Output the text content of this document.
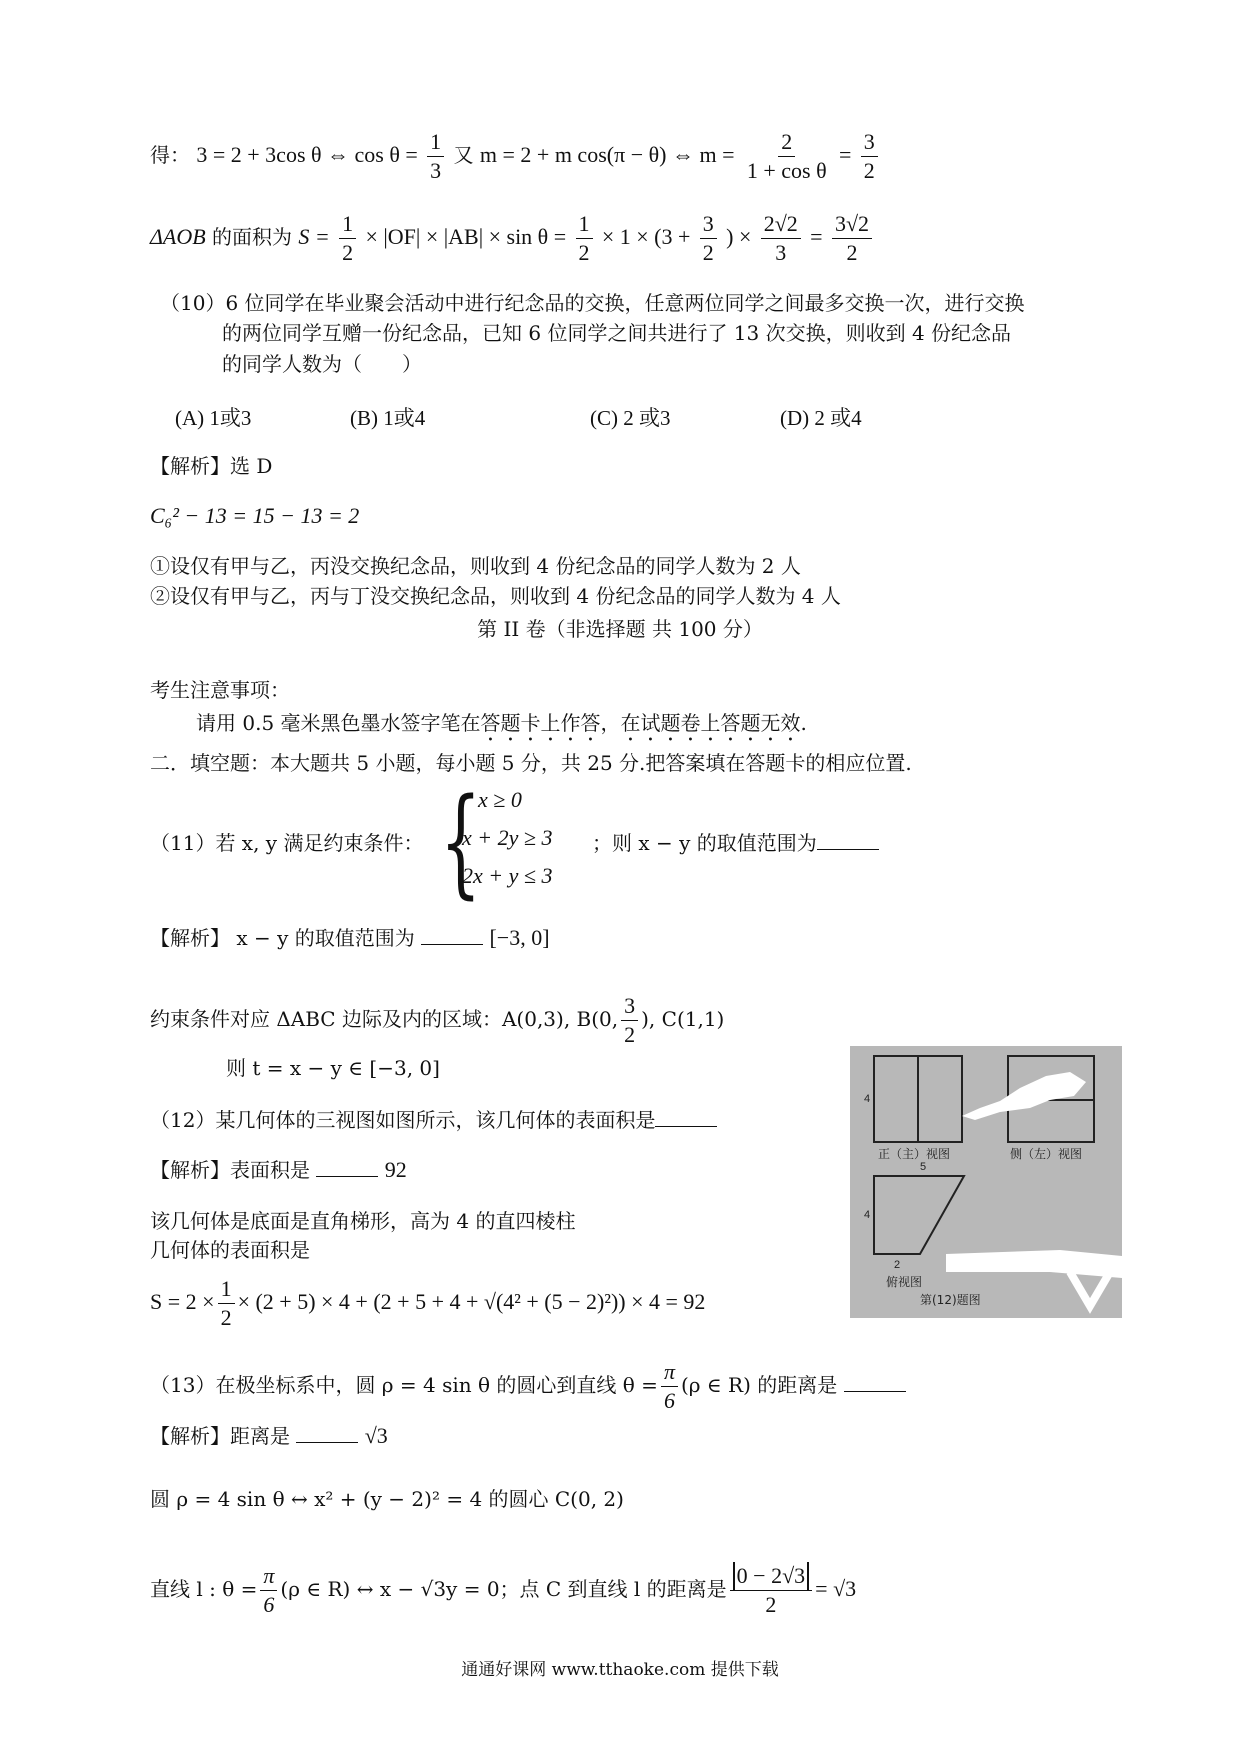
得： 3 = 2 + 3cos θ ⇔ $\cos \theta = \frac{1}{3}$ 又 m = 2 + m cos(π − θ) ⇔ $m = \frac{2}{\text{1 + cos θ}} = \frac{3}{2}$
ΔAOB 的面积为 $S = \frac{1}{2} \times |OF| \times |AB| \times \sin \theta = \frac{1}{2} \times 1 \times (3 + \frac{3}{2}$ ) × $\frac{2√2}{3} = \frac{3√2}{2}$
（10）6 位同学在毕业聚会活动中进行纪念品的交换，任意两位同学之间最多交换一次，进行交换
的两位同学互赠一份纪念品，已知 6 位同学之间共进行了 13 次交换，则收到 4 份纪念品
的同学人数为（　　）
(A) 1或3	(B) 1或4	(C) 2 或3	(D) 2 或4
【解析】选 D
C₆² − 13 = 15 − 13 = 2
①设仅有甲与乙，丙没交换纪念品，则收到 4 份纪念品的同学人数为 2 人
②设仅有甲与乙，丙与丁没交换纪念品，则收到 4 份纪念品的同学人数为 4 人
第 II 卷（非选择题 共 100 分）
考生注意事项：
请用 0.5 毫米黑色墨水签字笔在答题卡上作答，在试题卷上答题无效.
二．填空题：本大题共 5 小题，每小题 5 分，共 25 分.把答案填在答题卡的相应位置.
（11）若 x, y 满足约束条件： {
x ≥ 0
x + 2y ≥ 3
2x + y ≤ 3
；则 x − y 的取值范围为
【解析】 x − y 的取值范围为	[−3, 0]
约束条件对应 ΔABC 边际及内的区域：A(0,3), B(0, $\frac{3}{2}$ ), C(1,1)
则 t = x − y ∈ [−3, 0]
（12）某几何体的三视图如图所示，该几何体的表面积是
【解析】表面积是	92
该几何体是底面是直角梯形，高为 4 的直四棱柱
几何体的表面积是
$S = 2 \times \frac{1}{2} \times (2 + 5) \times 4 + (2 + 5 + 4 + √(4^2 + (5 - 2)^2)) \times 4 = 92$
4
5
4
2
正（主）视图	侧（左）视图
俯视图
第(12)题图
（13）在极坐标系中，圆 ρ = 4 sin θ 的圆心到直线 $\theta = \frac{\pi}{6} (\rho$ ∈ R) 的距离是
【解析】距离是	√3
圆 ρ = 4 sin θ ↔ x² + (y − 2)² = 4 的圆心 C(0, 2)
直线 l : $\theta = \frac{\pi}{6} (\rho$ ∈ R) ↔ x − √3y = 0；点 C 到直线 l 的距离是 $\frac{0 - 2√3}{2} = √3$
通通好课网 www.tthaoke.com 提供下载
